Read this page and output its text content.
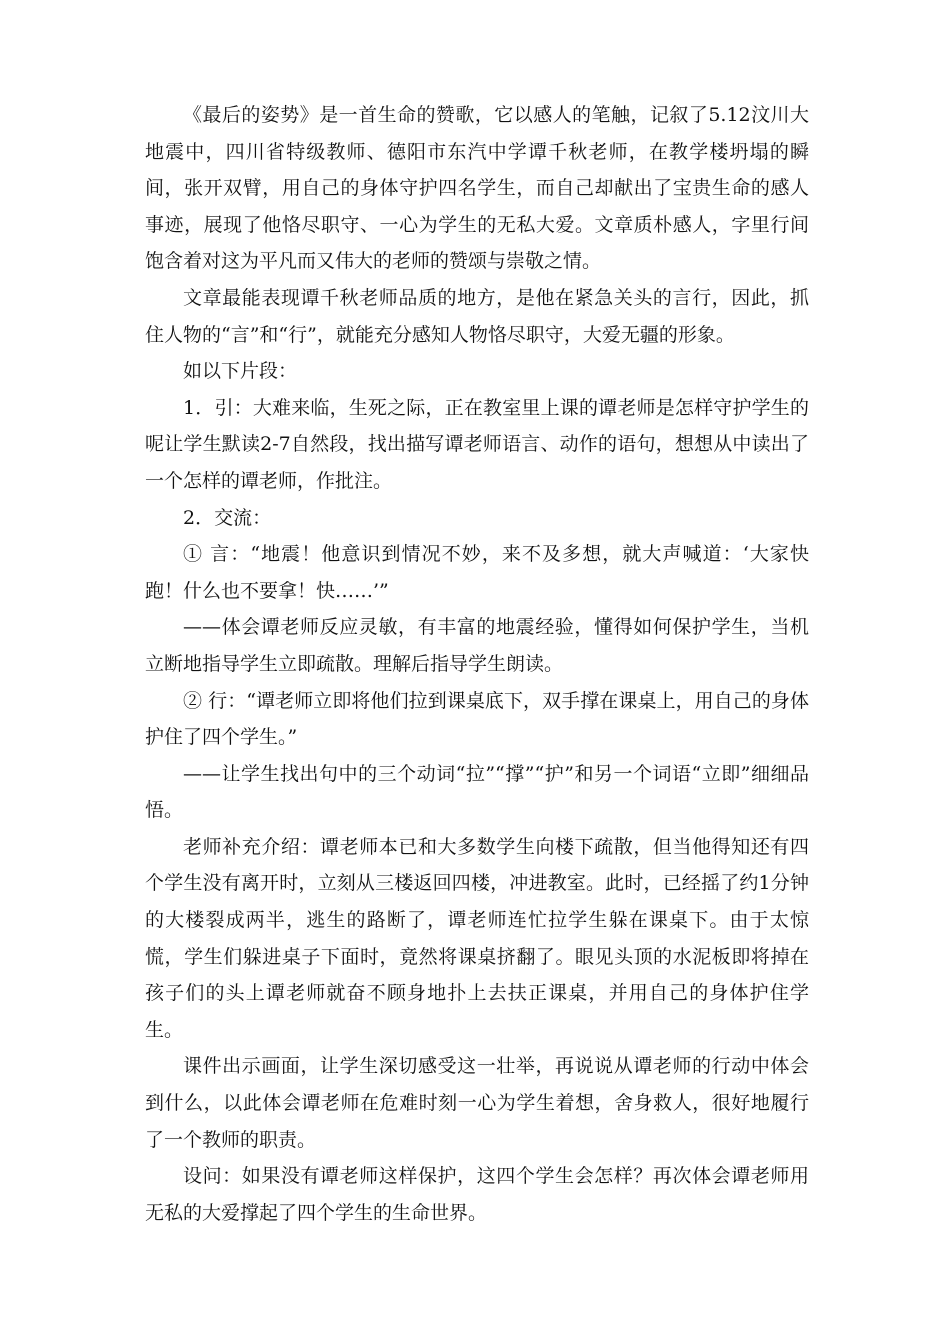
《最后的姿势》是一首生命的赞歌，它以感人的笔触，记叙了5.12汶川大地震中，四川省特级教师、德阳市东汽中学谭千秋老师，在教学楼坍塌的瞬间，张开双臂，用自己的身体守护四名学生，而自己却献出了宝贵生命的感人事迹，展现了他恪尽职守、一心为学生的无私大爱。文章质朴感人，字里行间饱含着对这为平凡而又伟大的老师的赞颂与崇敬之情。

文章最能表现谭千秋老师品质的地方，是他在紧急关头的言行，因此，抓住人物的“言”和“行”，就能充分感知人物恪尽职守，大爱无疆的形象。

如以下片段：

1．引：大难来临，生死之际，正在教室里上课的谭老师是怎样守护学生的呢让学生默读2-7自然段，找出描写谭老师语言、动作的语句，想想从中读出了一个怎样的谭老师，作批注。

2．交流：

① 言：“地震！他意识到情况不妙，来不及多想，就大声喊道：‘大家快跑！什么也不要拿！快……’”

——体会谭老师反应灵敏，有丰富的地震经验，懂得如何保护学生，当机立断地指导学生立即疏散。理解后指导学生朗读。

② 行：“谭老师立即将他们拉到课桌底下，双手撑在课桌上，用自己的身体护住了四个学生。”

——让学生找出句中的三个动词“拉”“撑”“护”和另一个词语“立即”细细品悟。

老师补充介绍：谭老师本已和大多数学生向楼下疏散，但当他得知还有四个学生没有离开时，立刻从三楼返回四楼，冲进教室。此时，已经摇了约1分钟的大楼裂成两半，逃生的路断了，谭老师连忙拉学生躲在课桌下。由于太惊慌，学生们躲进桌子下面时，竟然将课桌挤翻了。眼见头顶的水泥板即将掉在孩子们的头上谭老师就奋不顾身地扑上去扶正课桌，并用自己的身体护住学生。

课件出示画面，让学生深切感受这一壮举，再说说从谭老师的行动中体会到什么，以此体会谭老师在危难时刻一心为学生着想，舍身救人，很好地履行了一个教师的职责。

设问：如果没有谭老师这样保护，这四个学生会怎样？再次体会谭老师用无私的大爱撑起了四个学生的生命世界。
